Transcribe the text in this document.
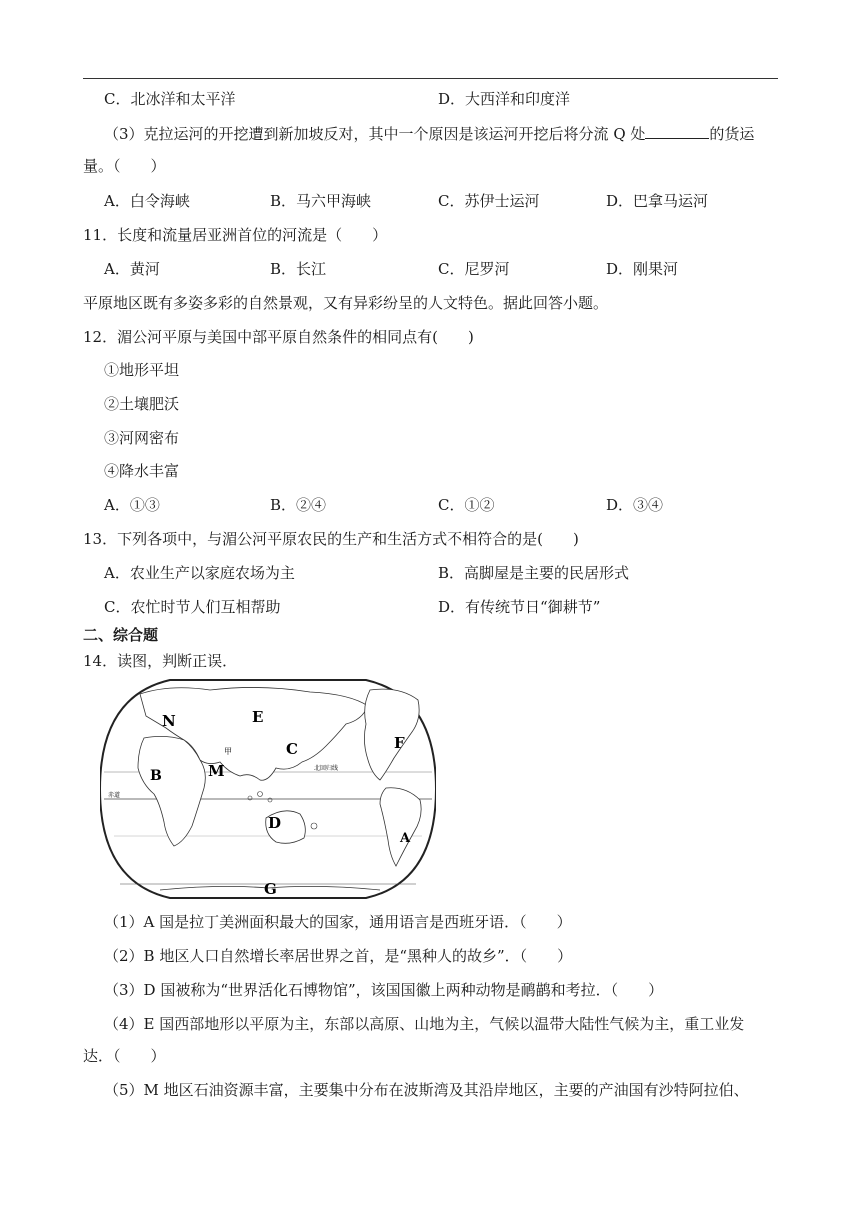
C．北冰洋和太平洋	D．大西洋和印度洋
（3）克拉运河的开挖遭到新加坡反对，其中一个原因是该运河开挖后将分流 Q 处	的货运
量。（　　）
A．白令海峡	B．马六甲海峡	C．苏伊士运河	D．巴拿马运河
11．长度和流量居亚洲首位的河流是（　　）
A．黄河	B．长江	C．尼罗河	D．刚果河
平原地区既有多姿多彩的自然景观，又有异彩纷呈的人文特色。据此回答小题。
12．湄公河平原与美国中部平原自然条件的相同点有(　　)
①地形平坦
②土壤肥沃
③河网密布
④降水丰富
A．①③	B．②④	C．①②	D．③④
13．下列各项中，与湄公河平原农民的生产和生活方式不相符合的是(　　)
A．农业生产以家庭农场为主	B．高脚屋是主要的民居形式
C．农忙时节人们互相帮助	D．有传统节日“御耕节”
二、综合题
14．读图，判断正误．
N	E
C	F
B	M
A
D
G
甲
赤道
北回归线
（1）A 国是拉丁美洲面积最大的国家，通用语言是西班牙语．（　　）
（2）B 地区人口自然增长率居世界之首，是“黑种人的故乡”．（　　）
（3）D 国被称为“世界活化石博物馆”，该国国徽上两种动物是鸸鹋和考拉．（　　）
（4）E 国西部地形以平原为主，东部以高原、山地为主，气候以温带大陆性气候为主，重工业发
达．（　　）
（5）M 地区石油资源丰富，主要集中分布在波斯湾及其沿岸地区，主要的产油国有沙特阿拉伯、
